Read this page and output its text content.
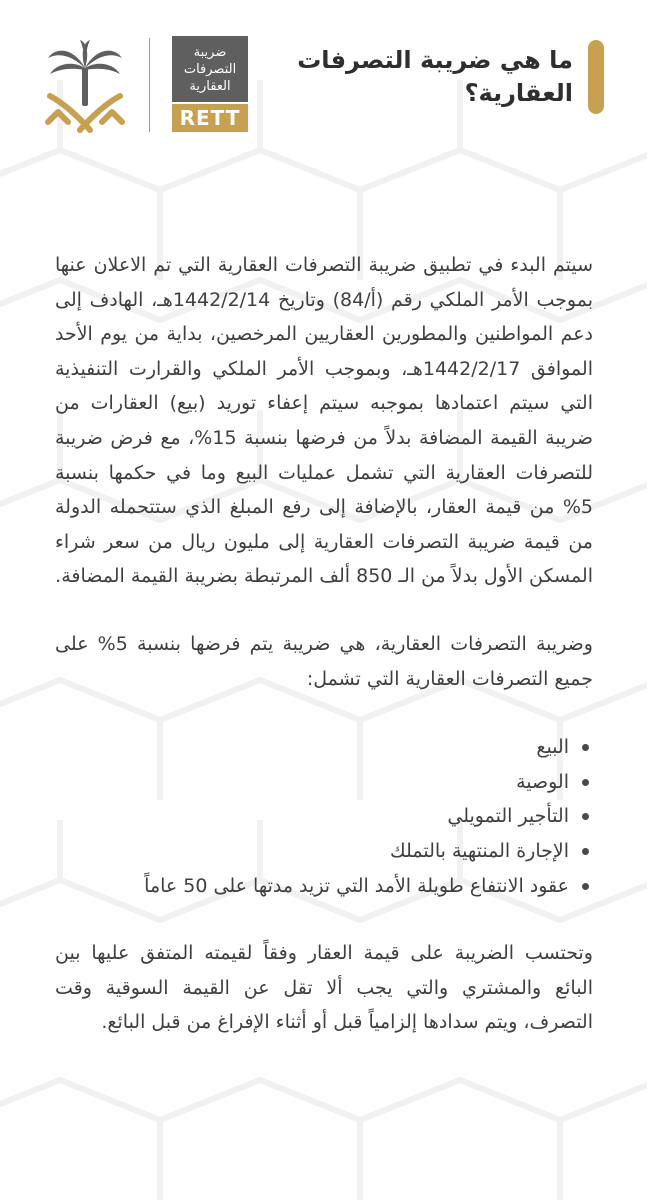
ما هي ضريبة التصرفات العقارية؟
ضريبة
التصرفات
العقارية
RETT

سيتم البدء في تطبيق ضريبة التصرفات العقارية التي تم الاعلان عنها بموجب الأمر الملكي رقم (أ/84) وتاريخ 1442/2/14هـ، الهادف إلى دعم المواطنين والمطورين العقاريين المرخصين، بداية من يوم الأحد الموافق 1442/2/17هـ، وبموجب الأمر الملكي والقرارت التنفيذية التي سيتم اعتمادها بموجبه سيتم إعفاء توريد (بيع) العقارات من ضريبة القيمة المضافة بدلاً من فرضها بنسبة 15%، مع فرض ضريبة للتصرفات العقارية التي تشمل عمليات البيع وما في حكمها بنسبة 5% من قيمة العقار، بالإضافة إلى رفع المبلغ الذي ستتحمله الدولة من قيمة ضريبة التصرفات العقارية إلى مليون ريال من سعر شراء المسكن الأول بدلاً من الـ 850 ألف المرتبطة بضريبة القيمة المضافة.

وضريبة التصرفات العقارية، هي ضريبة يتم فرضها بنسبة 5% على جميع التصرفات العقارية التي تشمل:

البيع
الوصية
التأجير التمويلي
الإجارة المنتهية بالتملك
عقود الانتفاع طويلة الأمد التي تزيد مدتها على 50 عاماً

وتحتسب الضريبة على قيمة العقار وفقاً لقيمته المتفق عليها بين البائع والمشتري والتي يجب ألا تقل عن القيمة السوقية وقت التصرف، ويتم سدادها إلزامياً قبل أو أثناء الإفراغ من قبل البائع.
